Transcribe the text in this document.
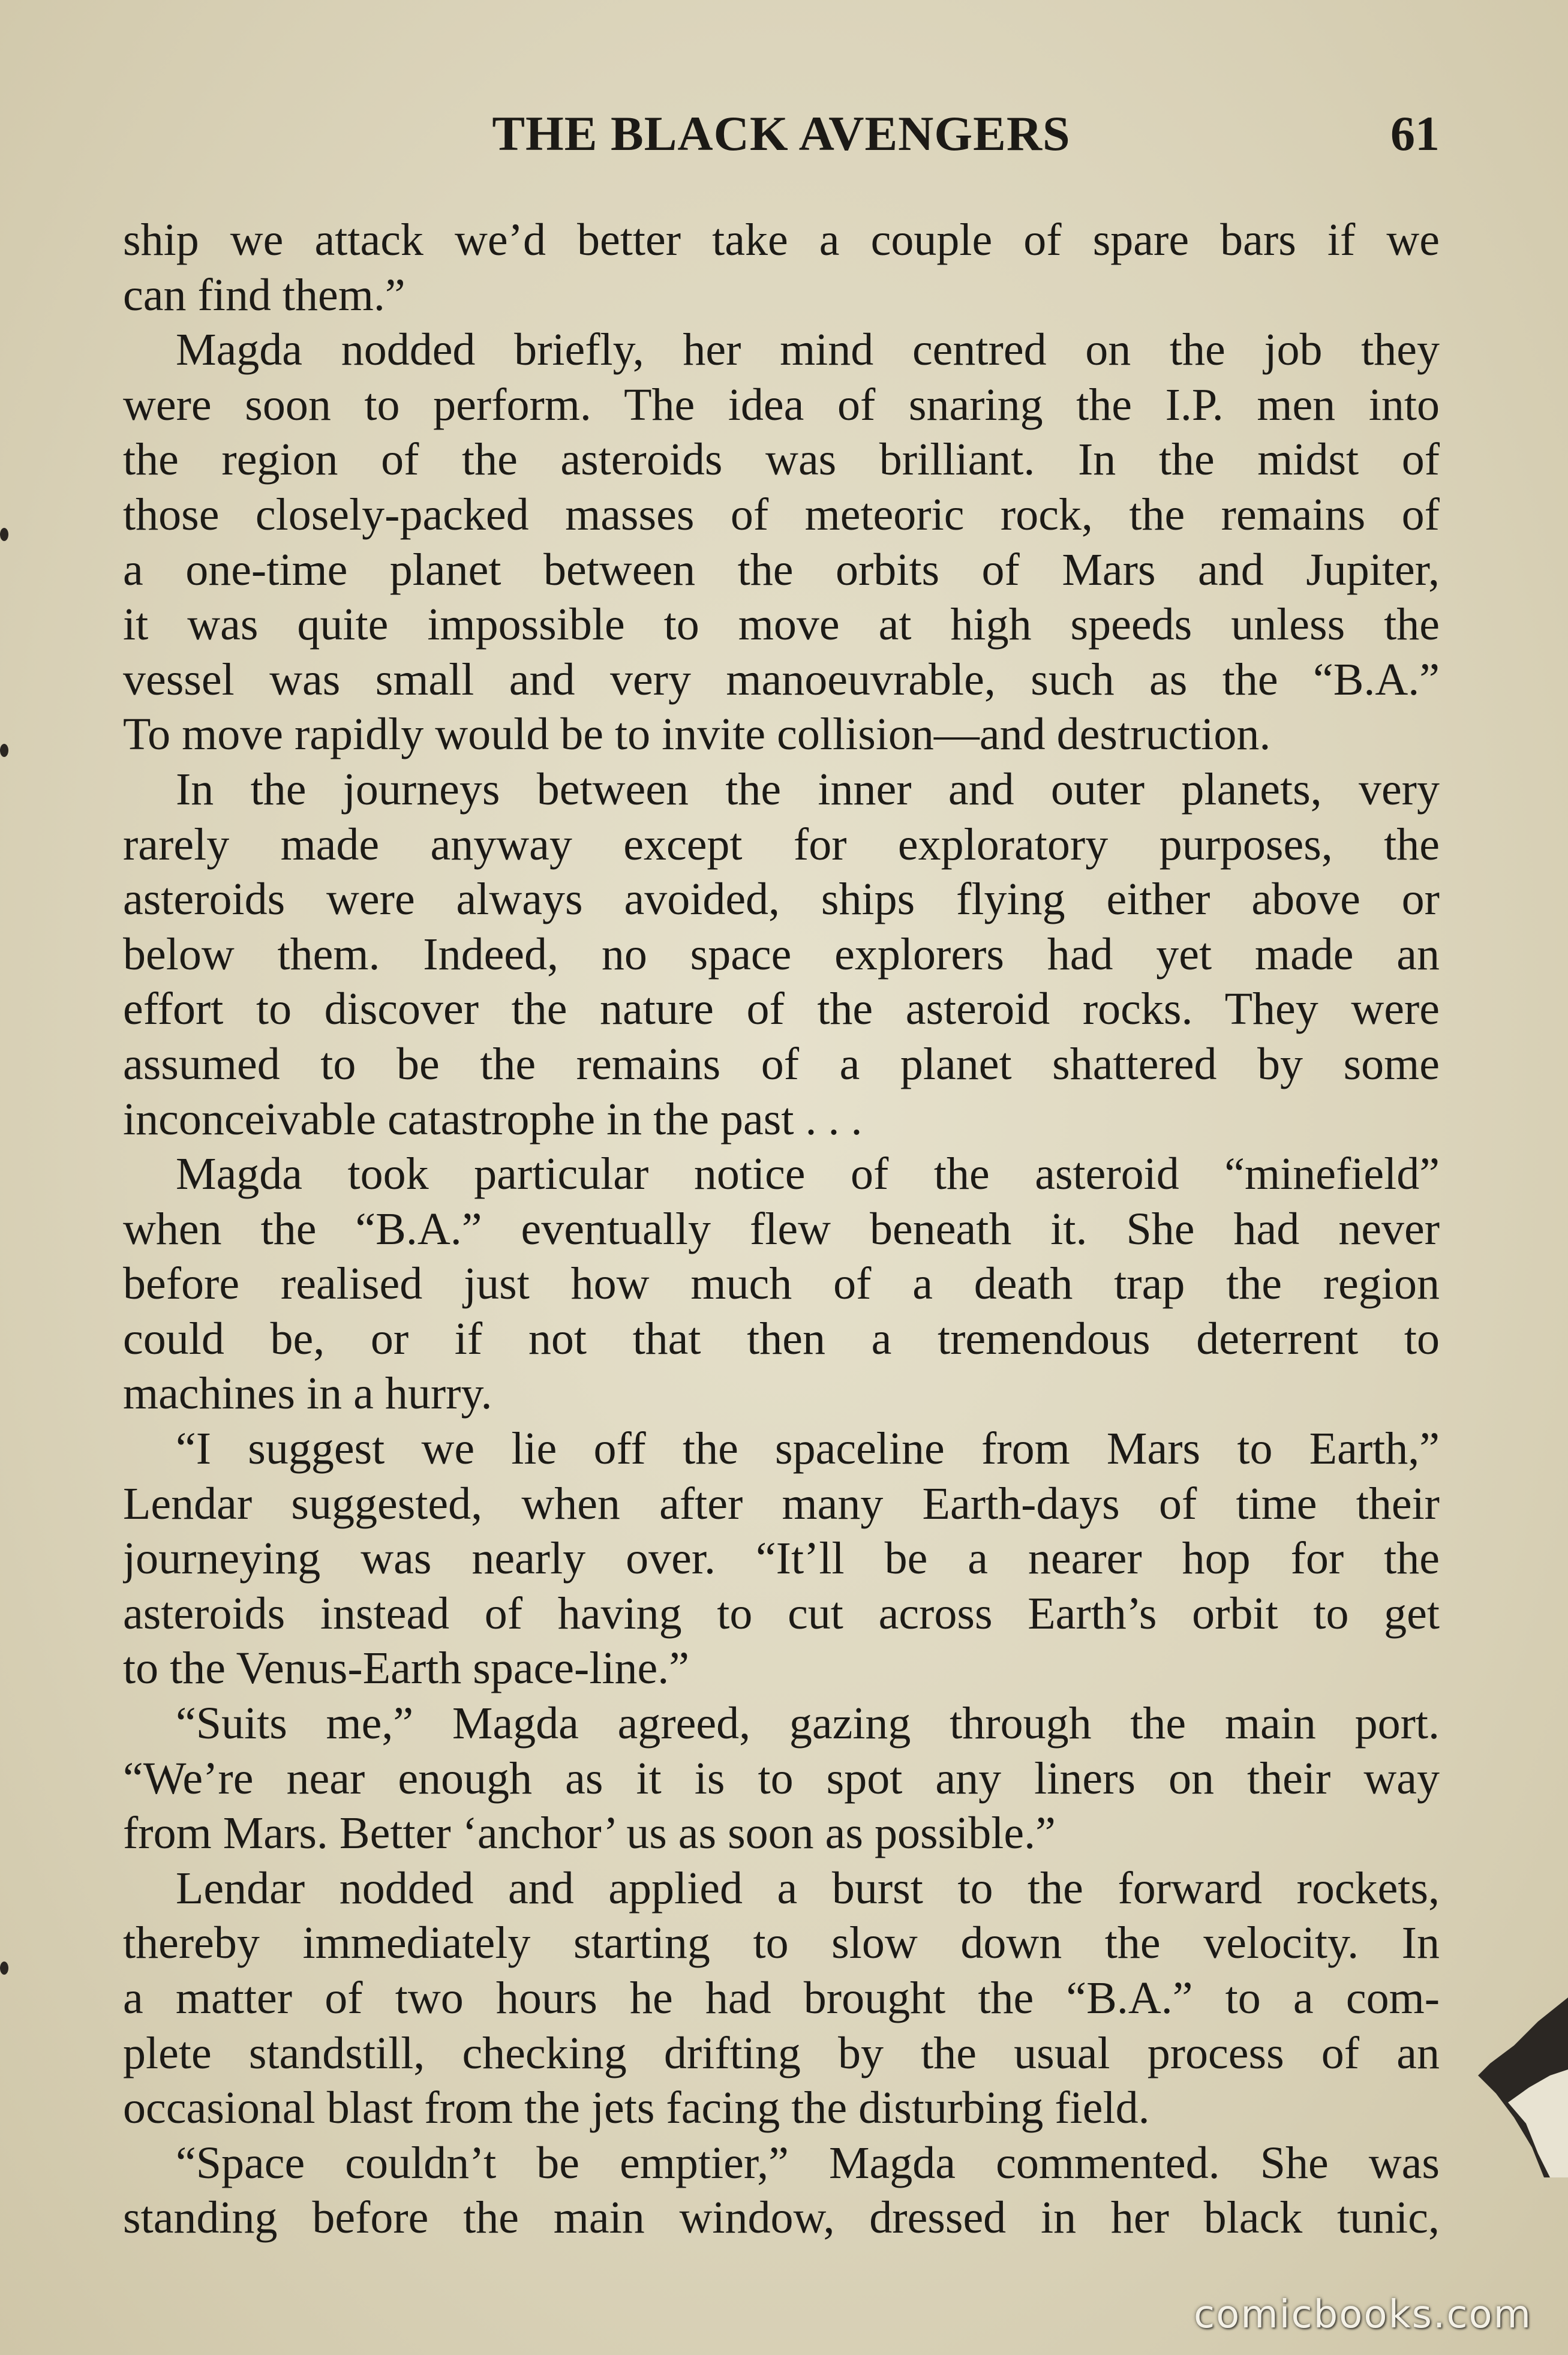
THE BLACK AVENGERS	61
ship we attack we’d better take a couple of spare bars if we
can find them.”
Magda nodded briefly, her mind centred on the job they
were soon to perform. The idea of snaring the I.P. men into
the region of the asteroids was brilliant. In the midst of
those closely-packed masses of meteoric rock, the remains of
a one-time planet between the orbits of Mars and Jupiter,
it was quite impossible to move at high speeds unless the
vessel was small and very manoeuvrable, such as the “B.A.”
To move rapidly would be to invite collision—and destruction.
In the journeys between the inner and outer planets, very
rarely made anyway except for exploratory purposes, the
asteroids were always avoided, ships flying either above or
below them. Indeed, no space explorers had yet made an
effort to discover the nature of the asteroid rocks. They were
assumed to be the remains of a planet shattered by some
inconceivable catastrophe in the past . . .
Magda took particular notice of the asteroid “minefield”
when the “B.A.” eventually flew beneath it. She had never
before realised just how much of a death trap the region
could be, or if not that then a tremendous deterrent to
machines in a hurry.
“I suggest we lie off the spaceline from Mars to Earth,”
Lendar suggested, when after many Earth-days of time their
journeying was nearly over. “It’ll be a nearer hop for the
asteroids instead of having to cut across Earth’s orbit to get
to the Venus-Earth space-line.”
“Suits me,” Magda agreed, gazing through the main port.
“We’re near enough as it is to spot any liners on their way
from Mars. Better ‘anchor’ us as soon as possible.”
Lendar nodded and applied a burst to the forward rockets,
thereby immediately starting to slow down the velocity. In
a matter of two hours he had brought the “B.A.” to a com-
plete standstill, checking drifting by the usual process of an
occasional blast from the jets facing the disturbing field.
“Space couldn’t be emptier,” Magda commented. She was
standing before the main window, dressed in her black tunic,
comicbooks.com
